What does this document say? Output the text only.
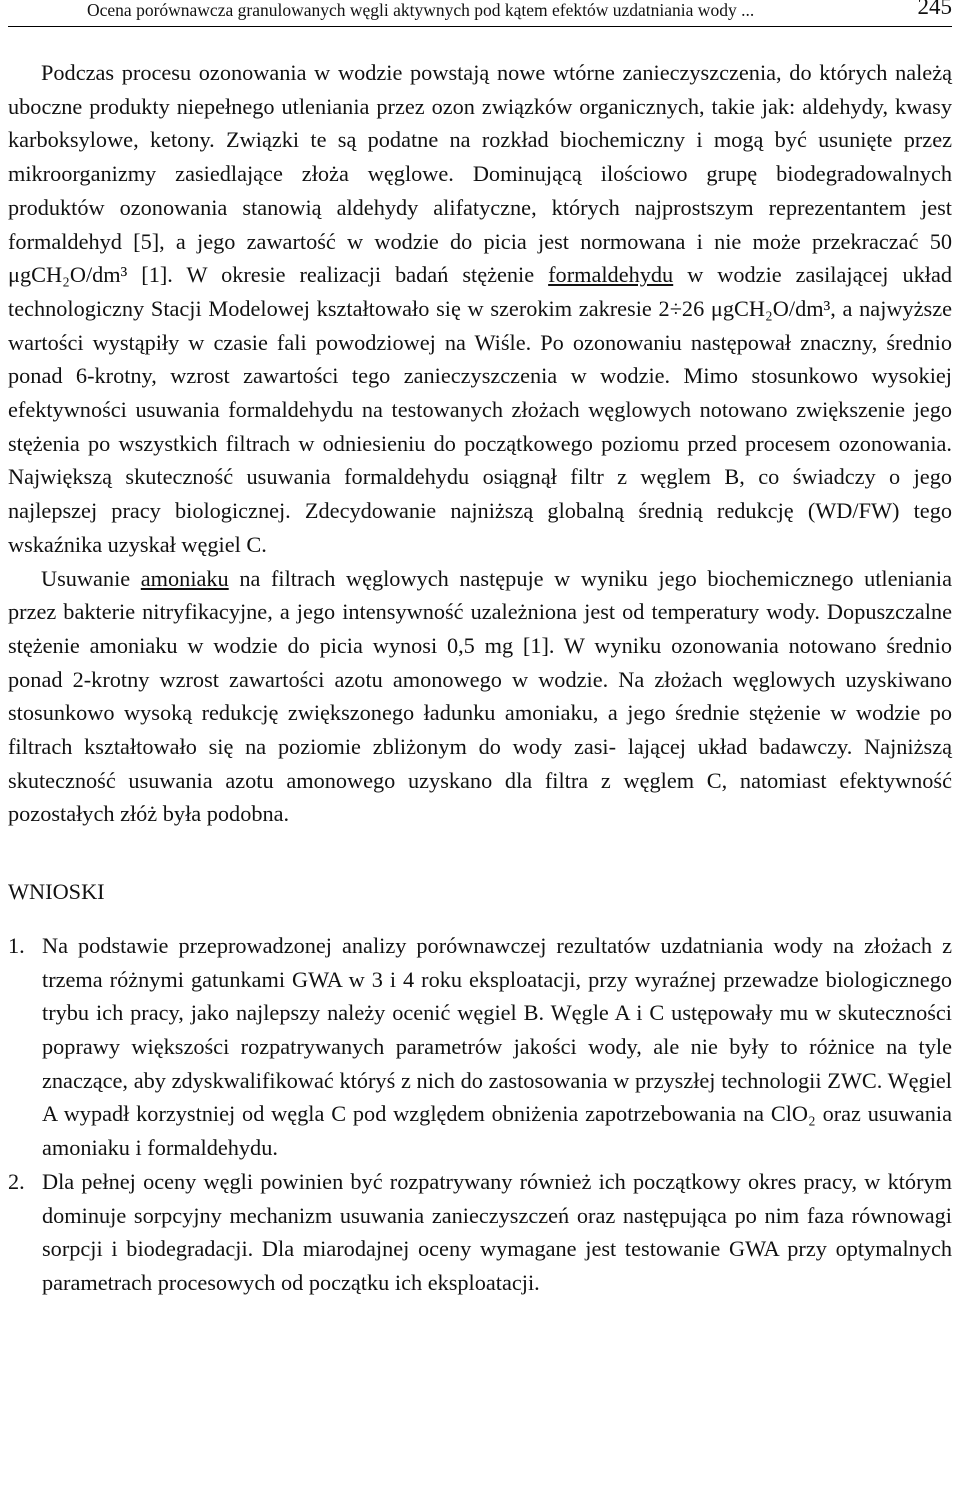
Ocena porównawcza granulowanych węgli aktywnych pod kątem efektów uzdatniania wody ...	245

Podczas procesu ozonowania w wodzie powstają nowe wtórne zanieczyszczenia, do których należą uboczne produkty niepełnego utleniania przez ozon związków organicznych, takie jak: aldehydy, kwasy karboksylowe, ketony. Związki te są podatne na rozkład biochemiczny i mogą być usunięte przez mikroorganizmy zasiedlające złoża węglowe. Dominującą ilościowo grupę biodegradowalnych produktów ozonowania stanowią aldehydy alifatyczne, których najprostszym reprezentantem jest formaldehyd [5], a jego zawartość w wodzie do picia jest normowana i nie może przekraczać 50 μgCH₂O/dm³ [1]. W okresie realizacji badań stężenie formaldehydu w wodzie zasilającej układ technologiczny Stacji Modelowej kształtowało się w szerokim zakresie 2÷26 μgCH₂O/dm³, a najwyższe wartości wystąpiły w czasie fali powodziowej na Wiśle. Po ozonowaniu następował znaczny, średnio ponad 6-krotny, wzrost zawartości tego zanieczyszczenia w wodzie. Mimo stosunkowo wysokiej efektywności usuwania formaldehydu na testowanych złożach węglowych notowano zwiększenie jego stężenia po wszystkich filtrach w odniesieniu do początkowego poziomu przed procesem ozonowania. Największą skuteczność usuwania formaldehydu osiągnął filtr z węglem B, co świadczy o jego najlepszej pracy biologicznej. Zdecydowanie najniższą globalną średnią redukcję (WD/FW) tego wskaźnika uzyskał węgiel C.

Usuwanie amoniaku na filtrach węglowych następuje w wyniku jego biochemicznego utleniania przez bakterie nitryfikacyjne, a jego intensywność uzależniona jest od temperatury wody. Dopuszczalne stężenie amoniaku w wodzie do picia wynosi 0,5 mg [1]. W wyniku ozonowania notowano średnio ponad 2-krotny wzrost zawartości azotu amonowego w wodzie. Na złożach węglowych uzyskiwano stosunkowo wysoką redukcję zwiększonego ładunku amoniaku, a jego średnie stężenie w wodzie po filtrach kształtowało się na poziomie zbliżonym do wody zasi- lającej układ badawczy. Najniższą skuteczność usuwania azotu amonowego uzyskano dla filtra z węglem C, natomiast efektywność pozostałych złóż była podobna.

WNIOSKI
1. Na podstawie przeprowadzonej analizy porównawczej rezultatów uzdatniania wody na złożach z trzema różnymi gatunkami GWA w 3 i 4 roku eksploatacji, przy wyraźnej przewadze biologicznego trybu ich pracy, jako najlepszy należy ocenić węgiel B. Węgle A i C ustępowały mu w skuteczności poprawy większości rozpatrywanych parametrów jakości wody, ale nie były to różnice na tyle znaczące, aby zdyskwalifikować któryś z nich do zastosowania w przyszłej technologii ZWC. Węgiel A wypadł korzystniej od węgla C pod względem obniżenia zapotrzebowania na ClO₂ oraz usuwania amoniaku i formaldehydu.
2. Dla pełnej oceny węgli powinien być rozpatrywany również ich początkowy okres pracy, w którym dominuje sorpcyjny mechanizm usuwania zanieczyszczeń oraz następująca po nim faza równowagi sorpcji i biodegradacji. Dla miarodajnej oceny wymagane jest testowanie GWA przy optymalnych parametrach procesowych od początku ich eksploatacji.
